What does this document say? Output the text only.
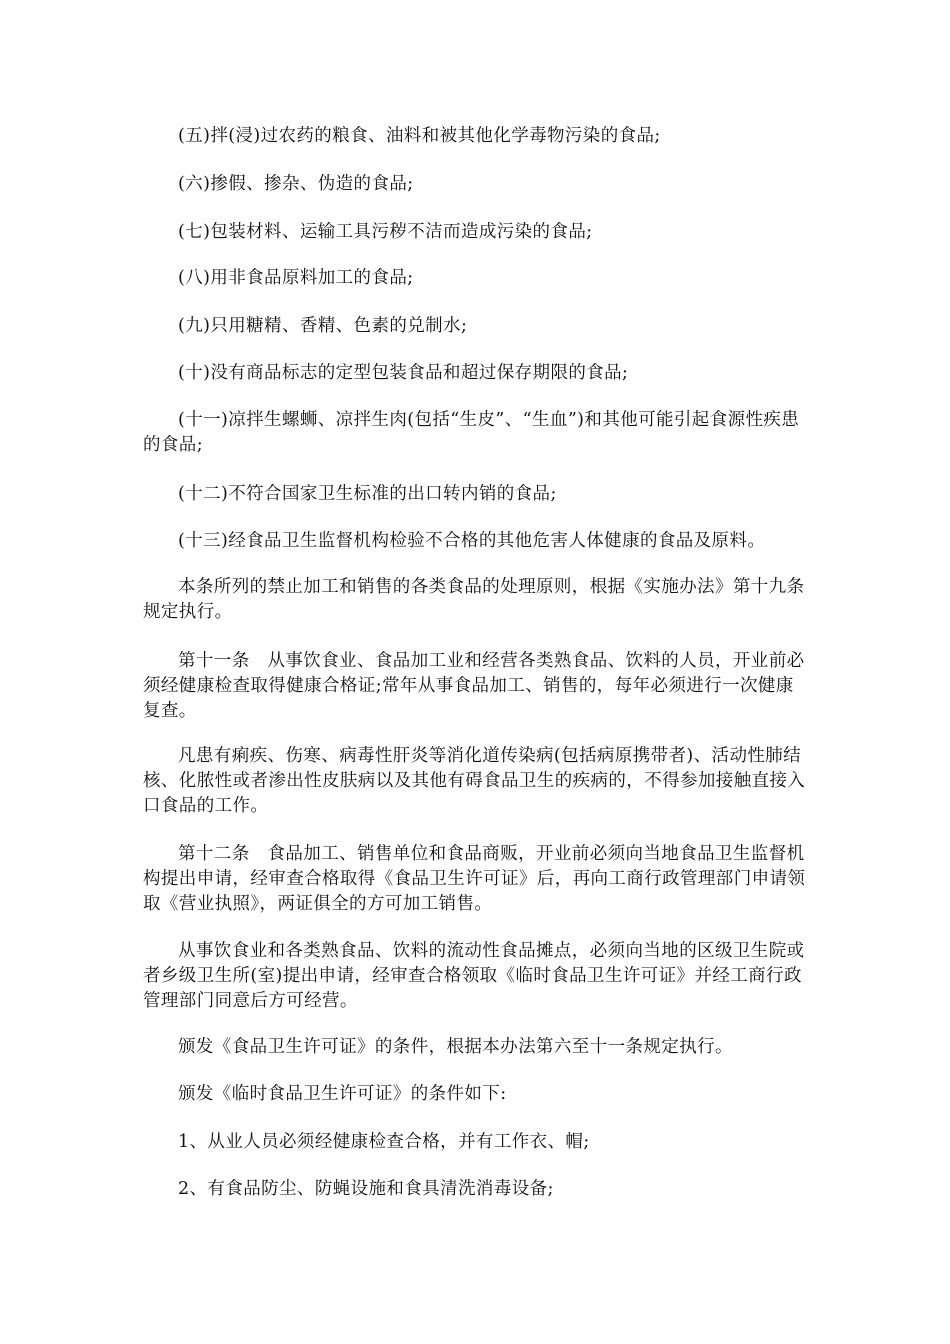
(五)拌(浸)过农药的粮食、油料和被其他化学毒物污染的食品;

(六)掺假、掺杂、伪造的食品;

(七)包装材料、运输工具污秽不洁而造成污染的食品;

(八)用非食品原料加工的食品;

(九)只用糖精、香精、色素的兑制水;

(十)没有商品标志的定型包装食品和超过保存期限的食品;

(十一)凉拌生螺蛳、凉拌生肉(包括“生皮”、“生血”)和其他可能引起食源性疾患的食品;

(十二)不符合国家卫生标准的出口转内销的食品;

(十三)经食品卫生监督机构检验不合格的其他危害人体健康的食品及原料。

本条所列的禁止加工和销售的各类食品的处理原则，根据《实施办法》第十九条规定执行。

第十一条　从事饮食业、食品加工业和经营各类熟食品、饮料的人员，开业前必须经健康检查取得健康合格证;常年从事食品加工、销售的，每年必须进行一次健康复查。

凡患有痢疾、伤寒、病毒性肝炎等消化道传染病(包括病原携带者)、活动性肺结核、化脓性或者渗出性皮肤病以及其他有碍食品卫生的疾病的，不得参加接触直接入口食品的工作。

第十二条　食品加工、销售单位和食品商贩，开业前必须向当地食品卫生监督机构提出申请，经审查合格取得《食品卫生许可证》后，再向工商行政管理部门申请领取《营业执照》，两证俱全的方可加工销售。

从事饮食业和各类熟食品、饮料的流动性食品摊点，必须向当地的区级卫生院或者乡级卫生所(室)提出申请，经审查合格领取《临时食品卫生许可证》并经工商行政管理部门同意后方可经营。

颁发《食品卫生许可证》的条件，根据本办法第六至十一条规定执行。

颁发《临时食品卫生许可证》的条件如下:

1、从业人员必须经健康检查合格，并有工作衣、帽;

2、有食品防尘、防蝇设施和食具清洗消毒设备;
